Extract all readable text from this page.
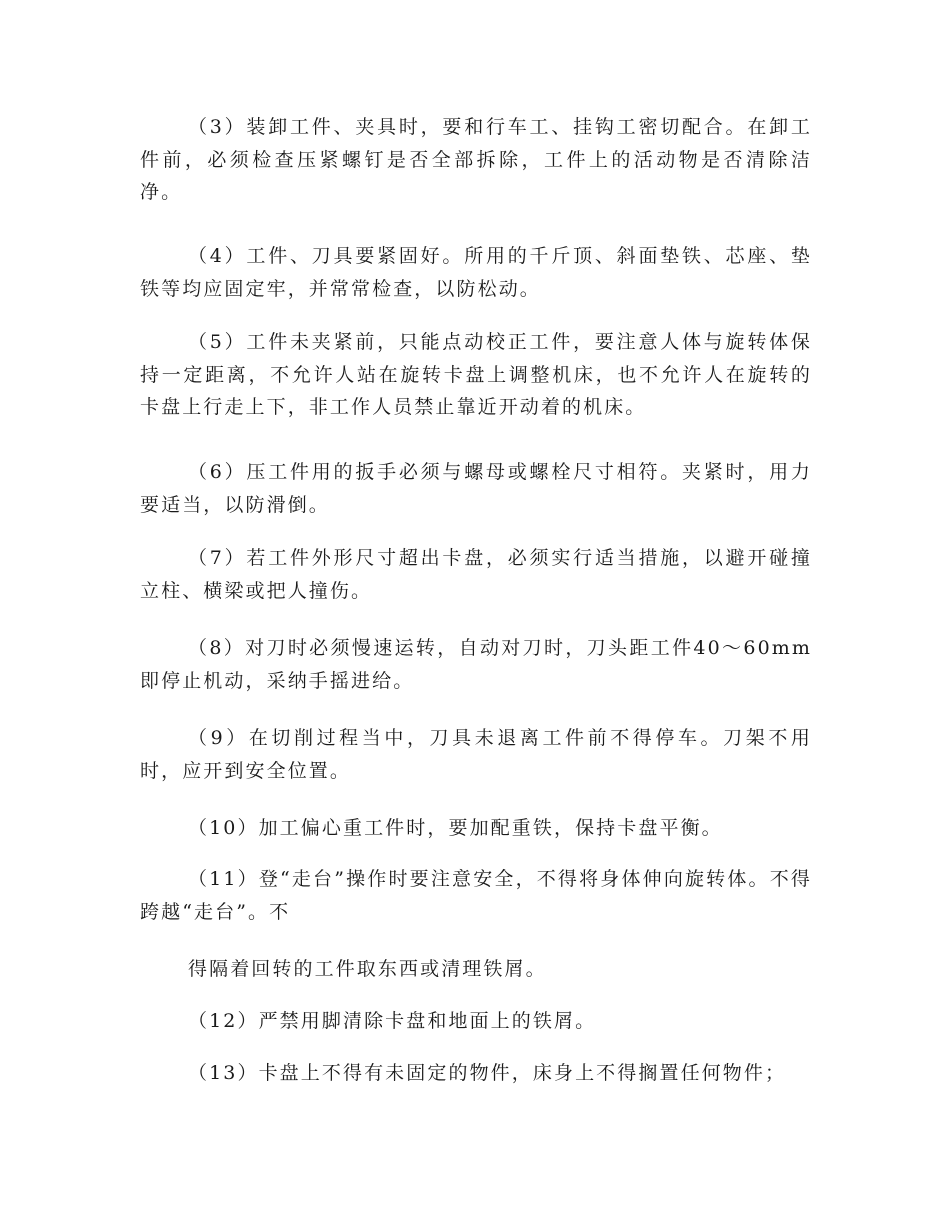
（3）装卸工件、夹具时，要和行车工、挂钩工密切配合。在卸工件前，必须检查压紧螺钉是否全部拆除，工件上的活动物是否清除洁净。

（4）工件、刀具要紧固好。所用的千斤顶、斜面垫铁、芯座、垫铁等均应固定牢，并常常检查，以防松动。

（5）工件未夹紧前，只能点动校正工件，要注意人体与旋转体保持一定距离，不允许人站在旋转卡盘上调整机床，也不允许人在旋转的卡盘上行走上下，非工作人员禁止靠近开动着的机床。

（6）压工件用的扳手必须与螺母或螺栓尺寸相符。夹紧时，用力要适当，以防滑倒。

（7）若工件外形尺寸超出卡盘，必须实行适当措施，以避开碰撞立柱、横梁或把人撞伤。

（8）对刀时必须慢速运转，自动对刀时，刀头距工件40～60mm即停止机动，采纳手摇进给。

（9）在切削过程当中，刀具未退离工件前不得停车。刀架不用时，应开到安全位置。

（10）加工偏心重工件时，要加配重铁，保持卡盘平衡。

（11）登“走台”操作时要注意安全，不得将身体伸向旋转体。不得跨越“走台”。不

得隔着回转的工件取东西或清理铁屑。

（12）严禁用脚清除卡盘和地面上的铁屑。

（13）卡盘上不得有未固定的物件，床身上不得搁置任何物件；
